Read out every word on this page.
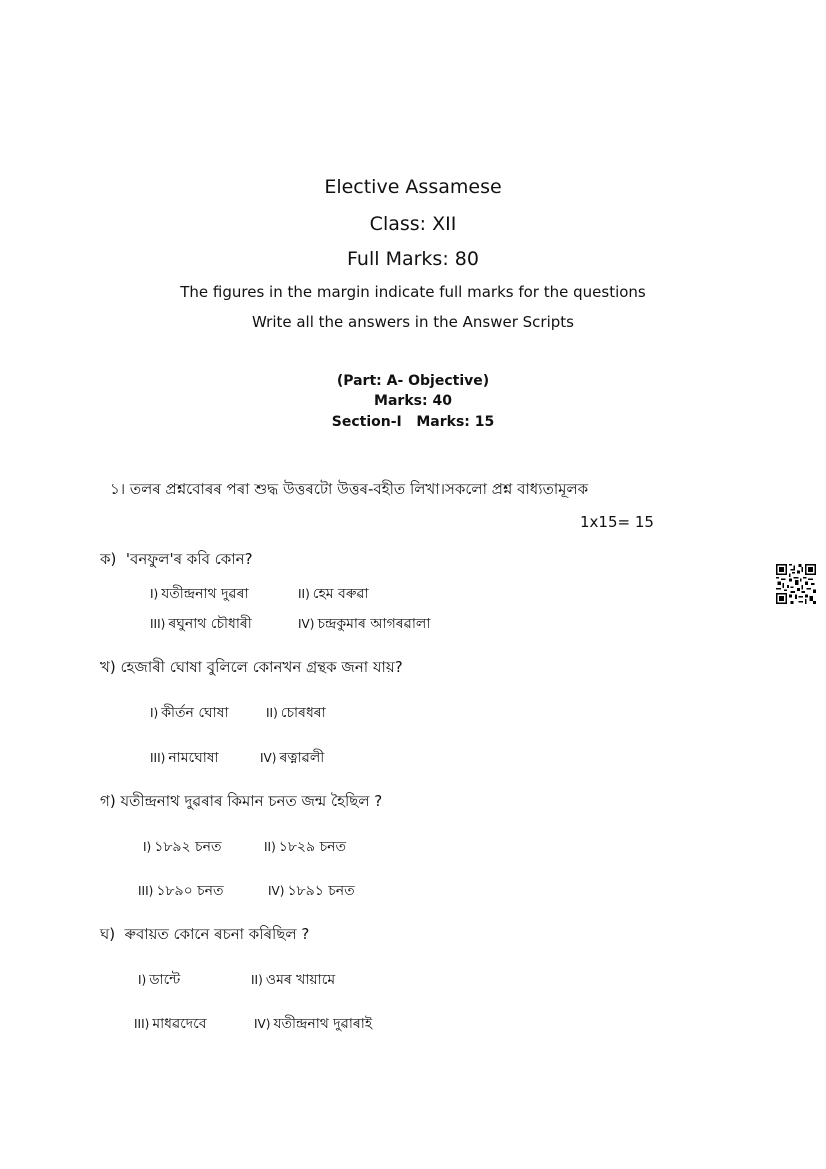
Elective Assamese
Class: XII
Full Marks: 80
The figures in the margin indicate full marks for the questions
Write all the answers in the Answer Scripts
(Part: A- Objective)
Marks: 40
Section-I   Marks: 15
১। তলৰ প্ৰশ্নবোৰৰ পৰা শুদ্ধ উত্তৰটো উত্তৰ-বহীত লিখা।সকলো প্ৰশ্ন বাধ্যতামূলক
1x15= 15
ক)  'বনফুল'ৰ কবি কোন?
I) যতীন্দ্ৰনাথ দুৱৰা	II) হেম বৰুৱা
III) ৰঘুনাথ চৌধাৰী	IV) চন্দ্ৰকুমাৰ আগৰৱালা
খ) হেজাৰী ঘোষা বুলিলে কোনখন গ্ৰন্থক জনা যায়?
I) কীৰ্তন ঘোষা	II) চোৰধৰা
III) নামঘোষা	IV) ৰত্নাৱলী
গ) যতীন্দ্ৰনাথ দুৱৰাৰ কিমান চনত জন্ম হৈছিল ?
I) ১৮৯২ চনত	II) ১৮২৯ চনত
III) ১৮৯০ চনত	IV) ১৮৯১ চনত
ঘ)  ৰুবায়ত কোনে ৰচনা কৰিছিল ?
I) ডান্টে	II) ওমৰ খায়ামে
III) মাধৱদেবে	IV) যতীন্দ্ৰনাথ দুৱাৰাই
